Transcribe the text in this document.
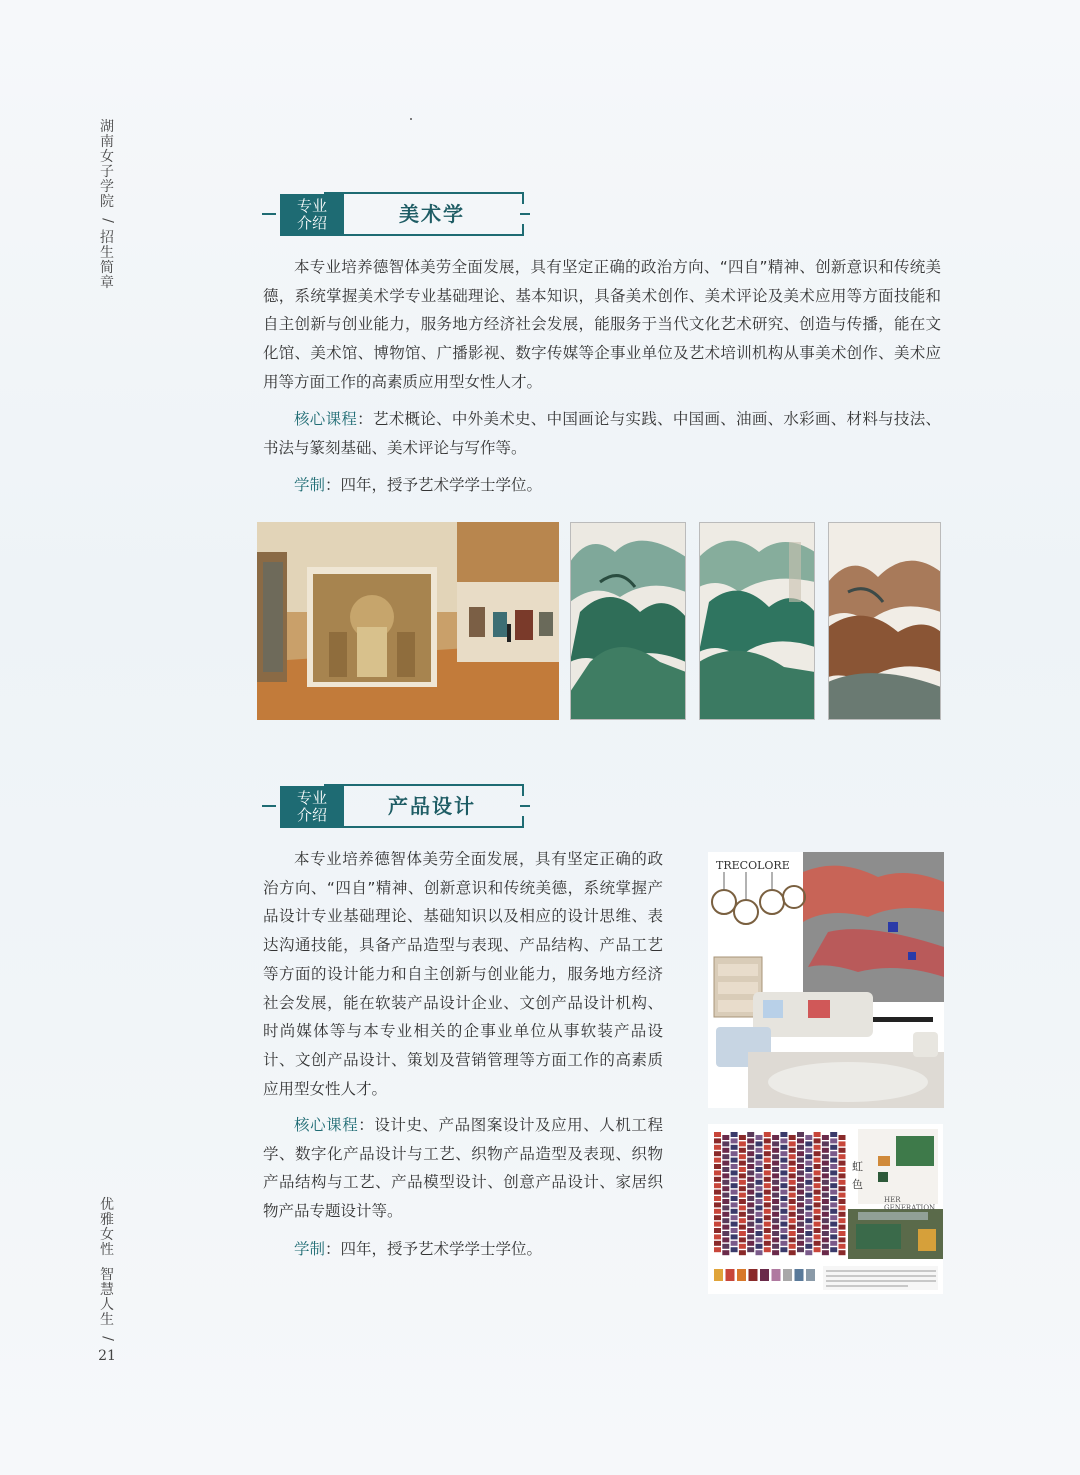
湖南女子学院
/
招生简章
优雅女性
智慧人生
/
21
专业
介绍	美术学

本专业培养德智体美劳全面发展，具有坚定正确的政治方向、“四自”精神、创新意识和传统美德，系统掌握美术学专业基础理论、基本知识，具备美术创作、美术评论及美术应用等方面技能和自主创新与创业能力，服务地方经济社会发展，能服务于当代文化艺术研究、创造与传播，能在文化馆、美术馆、博物馆、广播影视、数字传媒等企事业单位及艺术培训机构从事美术创作、美术应用等方面工作的高素质应用型女性人才。

核心课程：艺术概论、中外美术史、中国画论与实践、中国画、油画、水彩画、材料与技法、书法与篆刻基础、美术评论与写作等。

学制：四年，授予艺术学学士学位。

专业
介绍	产品设计

本专业培养德智体美劳全面发展，具有坚定正确的政治方向、“四自”精神、创新意识和传统美德，系统掌握产品设计专业基础理论、基础知识以及相应的设计思维、表达沟通技能，具备产品造型与表现、产品结构、产品工艺等方面的设计能力和自主创新与创业能力，服务地方经济社会发展，能在软装产品设计企业、文创产品设计机构、时尚媒体等与本专业相关的企事业单位从事软装产品设计、文创产品设计、策划及营销管理等方面工作的高素质应用型女性人才。

核心课程：设计史、产品图案设计及应用、人机工程学、数字化产品设计与工艺、织物产品造型及表现、织物产品结构与工艺、产品模型设计、创意产品设计、家居织物产品专题设计等。

学制：四年，授予艺术学学士学位。

TRECOLORE
虹
色
HER GENERATION
